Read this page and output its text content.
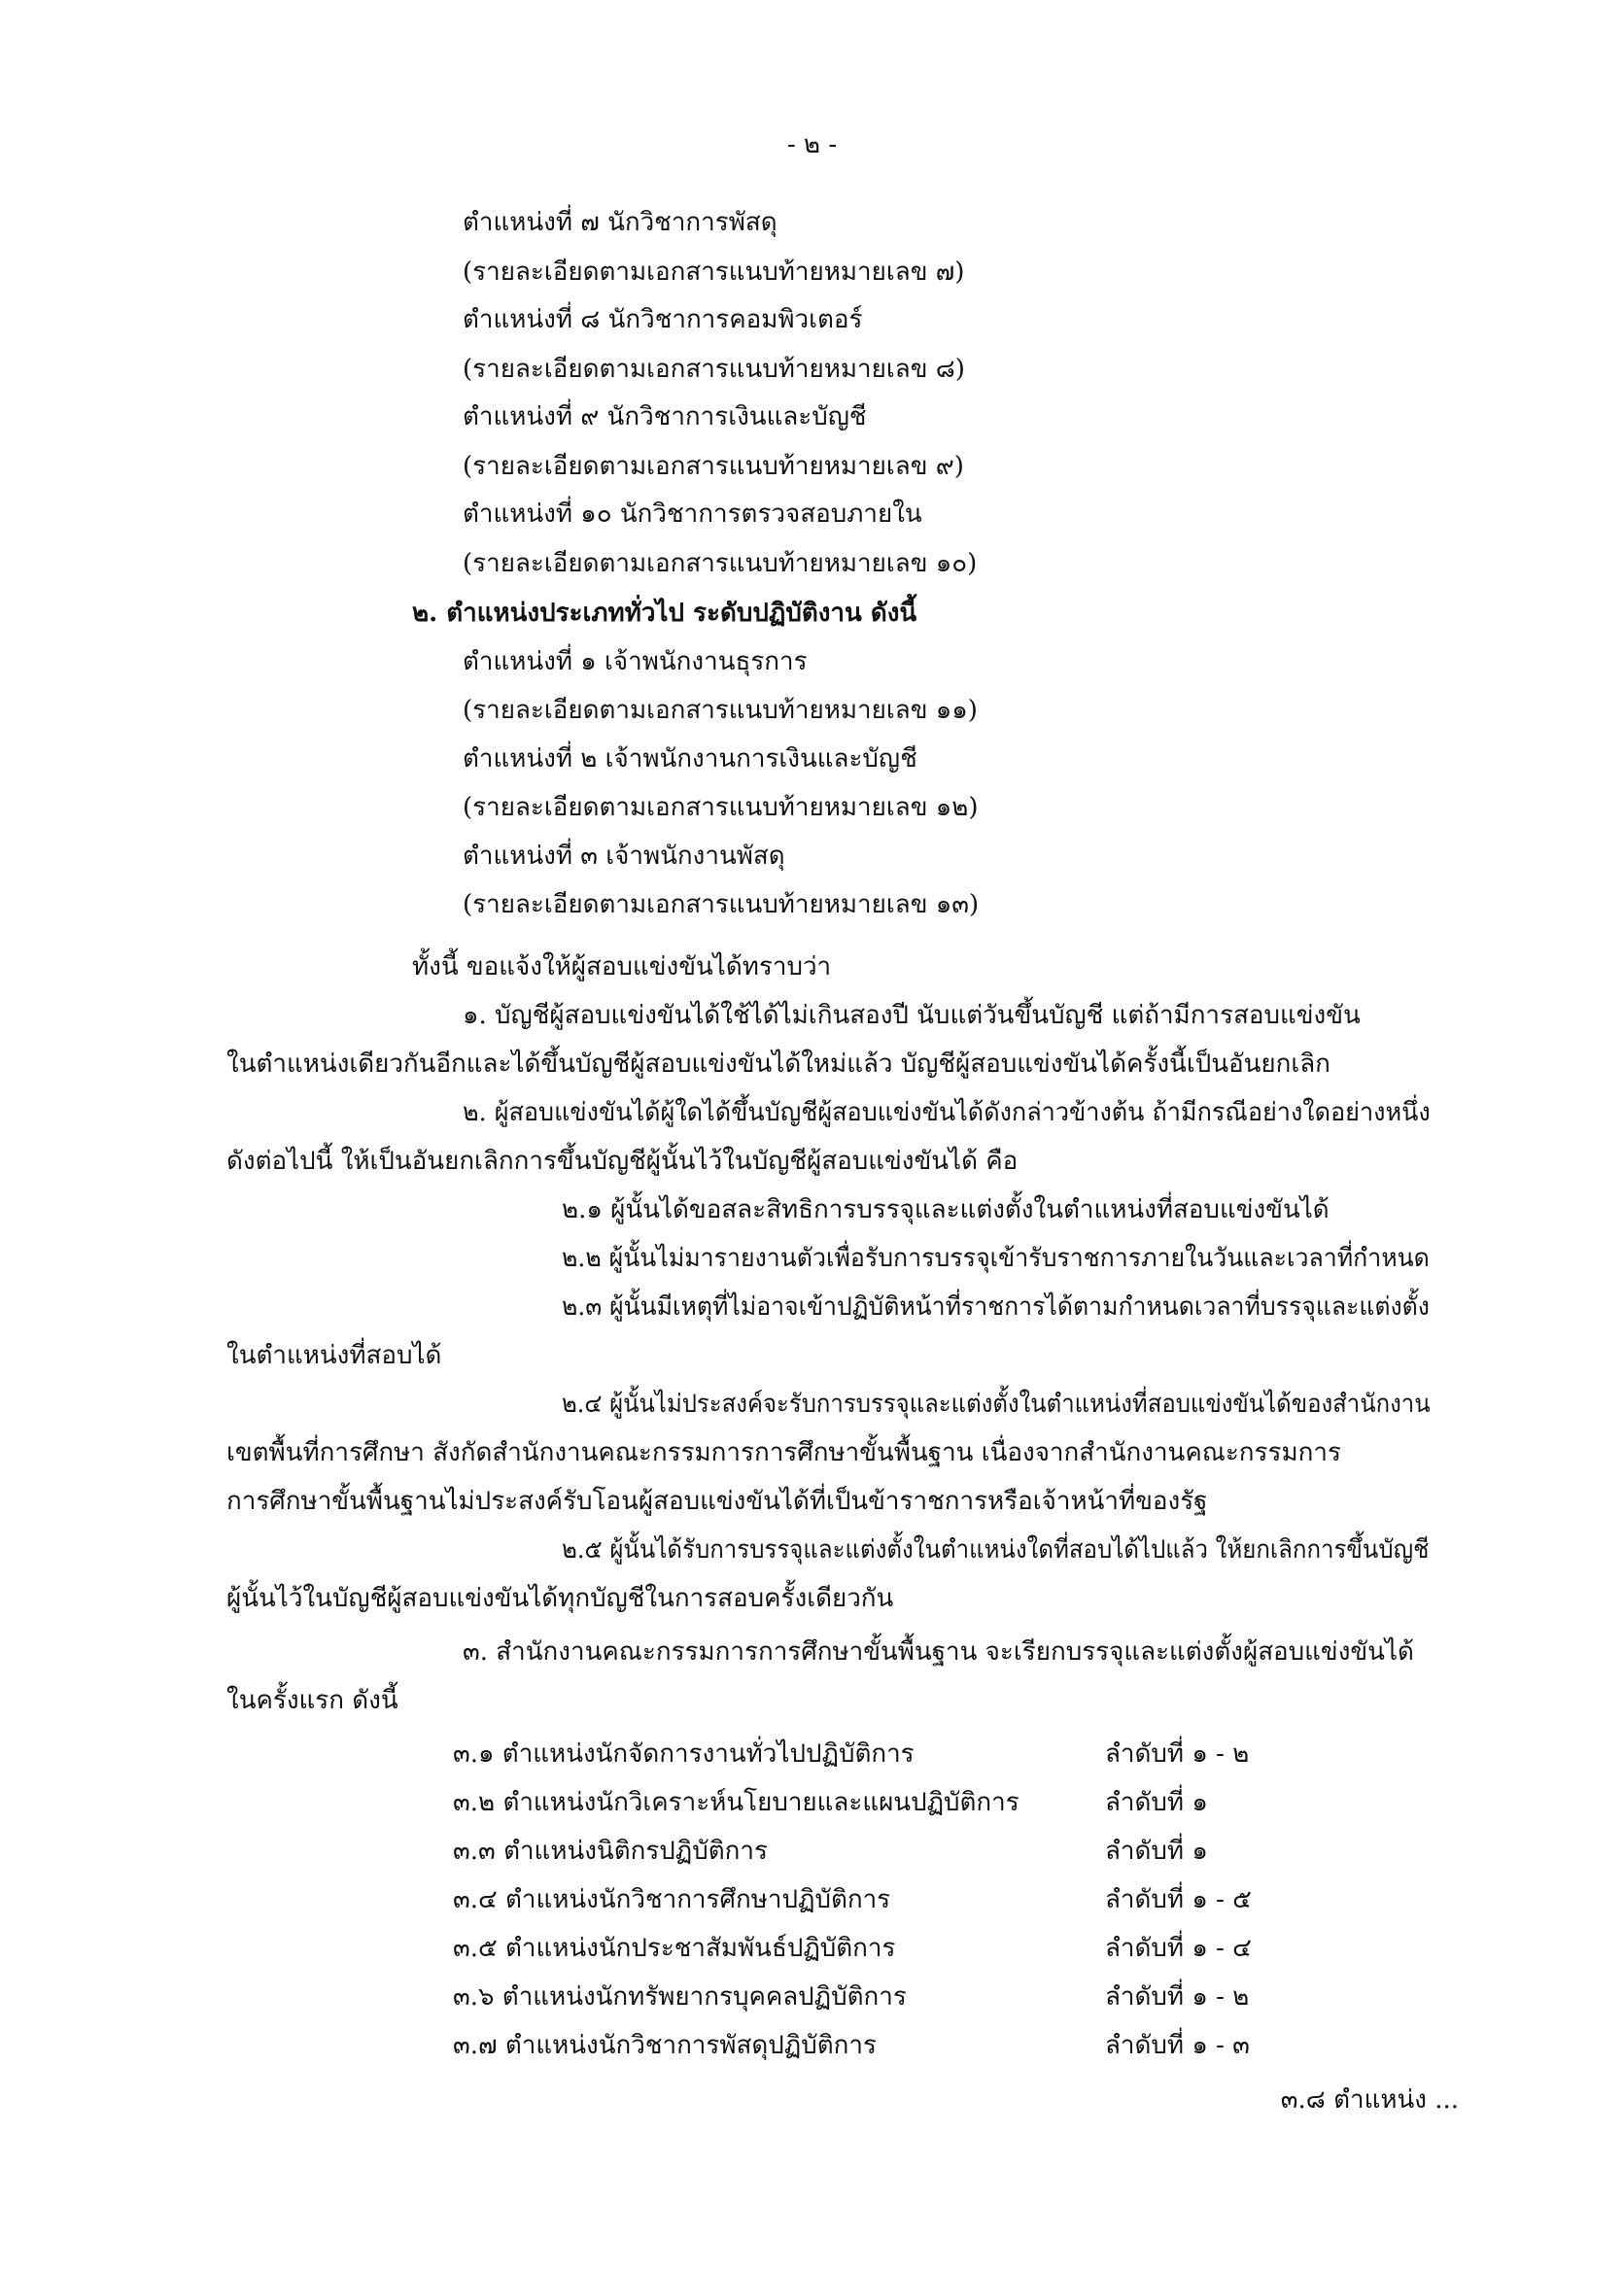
- ๒ -
ตำแหน่งที่ ๗ นักวิชาการพัสดุ
(รายละเอียดตามเอกสารแนบท้ายหมายเลข ๗)
ตำแหน่งที่ ๘ นักวิชาการคอมพิวเตอร์
(รายละเอียดตามเอกสารแนบท้ายหมายเลข ๘)
ตำแหน่งที่ ๙ นักวิชาการเงินและบัญชี
(รายละเอียดตามเอกสารแนบท้ายหมายเลข ๙)
ตำแหน่งที่ ๑๐ นักวิชาการตรวจสอบภายใน
(รายละเอียดตามเอกสารแนบท้ายหมายเลข ๑๐)
๒. ตำแหน่งประเภททั่วไป ระดับปฏิบัติงาน ดังนี้
ตำแหน่งที่ ๑ เจ้าพนักงานธุรการ
(รายละเอียดตามเอกสารแนบท้ายหมายเลข ๑๑)
ตำแหน่งที่ ๒ เจ้าพนักงานการเงินและบัญชี
(รายละเอียดตามเอกสารแนบท้ายหมายเลข ๑๒)
ตำแหน่งที่ ๓ เจ้าพนักงานพัสดุ
(รายละเอียดตามเอกสารแนบท้ายหมายเลข ๑๓)
ทั้งนี้ ขอแจ้งให้ผู้สอบแข่งขันได้ทราบว่า
๑. บัญชีผู้สอบแข่งขันได้ใช้ได้ไม่เกินสองปี นับแต่วันขึ้นบัญชี แต่ถ้ามีการสอบแข่งขัน
ในตำแหน่งเดียวกันอีกและได้ขึ้นบัญชีผู้สอบแข่งขันได้ใหม่แล้ว บัญชีผู้สอบแข่งขันได้ครั้งนี้เป็นอันยกเลิก
๒. ผู้สอบแข่งขันได้ผู้ใดได้ขึ้นบัญชีผู้สอบแข่งขันได้ดังกล่าวข้างต้น ถ้ามีกรณีอย่างใดอย่างหนึ่ง
ดังต่อไปนี้ ให้เป็นอันยกเลิกการขึ้นบัญชีผู้นั้นไว้ในบัญชีผู้สอบแข่งขันได้ คือ
๒.๑ ผู้นั้นได้ขอสละสิทธิการบรรจุและแต่งตั้งในตำแหน่งที่สอบแข่งขันได้
๒.๒ ผู้นั้นไม่มารายงานตัวเพื่อรับการบรรจุเข้ารับราชการภายในวันและเวลาที่กำหนด
๒.๓ ผู้นั้นมีเหตุที่ไม่อาจเข้าปฏิบัติหน้าที่ราชการได้ตามกำหนดเวลาที่บรรจุและแต่งตั้ง
ในตำแหน่งที่สอบได้
๒.๔ ผู้นั้นไม่ประสงค์จะรับการบรรจุและแต่งตั้งในตำแหน่งที่สอบแข่งขันได้ของสำนักงาน
เขตพื้นที่การศึกษา สังกัดสำนักงานคณะกรรมการการศึกษาขั้นพื้นฐาน เนื่องจากสำนักงานคณะกรรมการ
การศึกษาขั้นพื้นฐานไม่ประสงค์รับโอนผู้สอบแข่งขันได้ที่เป็นข้าราชการหรือเจ้าหน้าที่ของรัฐ
๒.๕ ผู้นั้นได้รับการบรรจุและแต่งตั้งในตำแหน่งใดที่สอบได้ไปแล้ว ให้ยกเลิกการขึ้นบัญชี
ผู้นั้นไว้ในบัญชีผู้สอบแข่งขันได้ทุกบัญชีในการสอบครั้งเดียวกัน
๓. สำนักงานคณะกรรมการการศึกษาขั้นพื้นฐาน จะเรียกบรรจุและแต่งตั้งผู้สอบแข่งขันได้
ในครั้งแรก ดังนี้
๓.๑ ตำแหน่งนักจัดการงานทั่วไปปฏิบัติการ	ลำดับที่ ๑ - ๒
๓.๒ ตำแหน่งนักวิเคราะห์นโยบายและแผนปฏิบัติการ	ลำดับที่ ๑
๓.๓ ตำแหน่งนิติกรปฏิบัติการ	ลำดับที่ ๑
๓.๔ ตำแหน่งนักวิชาการศึกษาปฏิบัติการ	ลำดับที่ ๑ - ๕
๓.๕ ตำแหน่งนักประชาสัมพันธ์ปฏิบัติการ	ลำดับที่ ๑ - ๔
๓.๖ ตำแหน่งนักทรัพยากรบุคคลปฏิบัติการ	ลำดับที่ ๑ - ๒
๓.๗ ตำแหน่งนักวิชาการพัสดุปฏิบัติการ	ลำดับที่ ๑ - ๓
๓.๘ ตำแหน่ง ...
